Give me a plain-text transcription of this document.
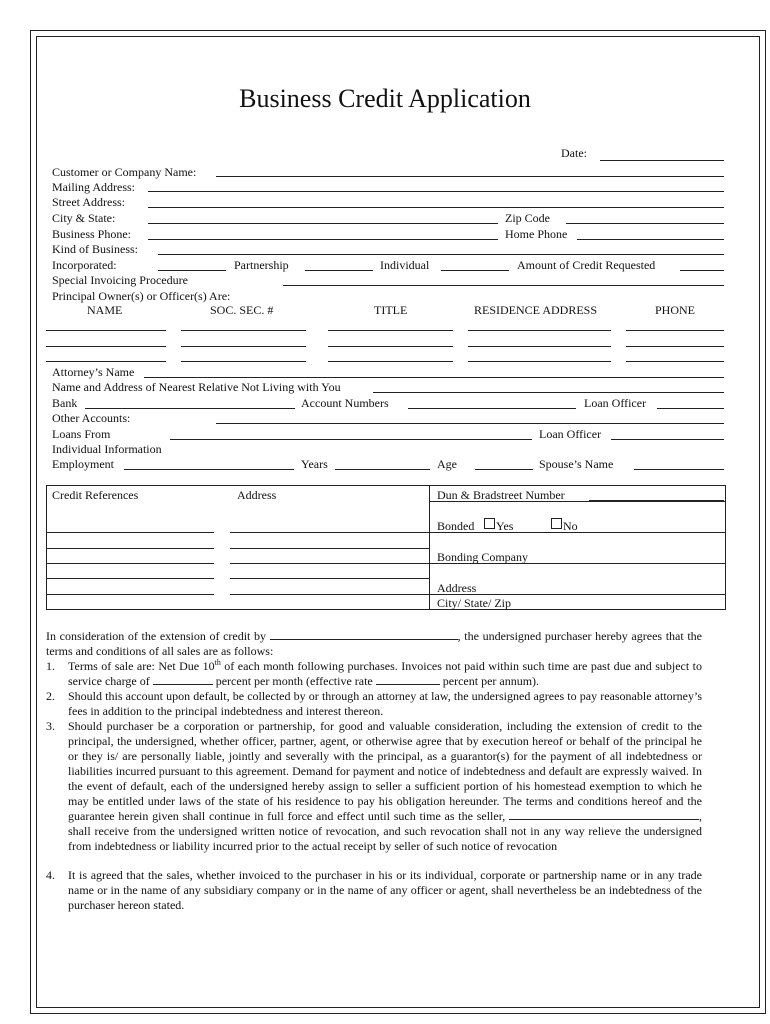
Business Credit Application
Date:
Customer or Company Name:
Mailing Address:
Street Address:
City & State:	Zip Code
Business Phone:	Home Phone
Kind of Business:
Incorporated:	Partnership	Individual	Amount of Credit Requested
Special Invoicing Procedure
Principal Owner(s) or Officer(s) Are:
NAME	SOC. SEC. #	TITLE	RESIDENCE ADDRESS	PHONE
Attorney’s Name
Name and Address of Nearest Relative Not Living with You
Bank	Account Numbers	Loan Officer
Other Accounts:
Loans From	Loan Officer
Individual Information
Employment	Years	Age	Spouse’s Name
Credit References	Address	Dun & Bradstreet Number
Bonded Yes	No
Bonding Company
Address
City/ State/ Zip

In consideration of the extension of credit by	, the undersigned purchaser hereby agrees that the terms and conditions of all sales are as follows:

1. Terms of sale are: Net Due 10th of each month following purchases. Invoices not paid within such time are past due and subject to service charge of	percent per month (effective rate	percent per annum).
2. Should this account upon default, be collected by or through an attorney at law, the undersigned agrees to pay reasonable attorney’s fees in addition to the principal indebtedness and interest thereon.
3. Should purchaser be a corporation or partnership, for good and valuable consideration, including the extension of credit to the principal, the undersigned, whether officer, partner, agent, or otherwise agree that by execution hereof or behalf of the principal he or they is/ are personally liable, jointly and severally with the principal, as a guarantor(s) for the payment of all indebtedness or liabilities incurred pursuant to this agreement. Demand for payment and notice of indebtedness and default are expressly waived. In the event of default, each of the undersigned hereby assign to seller a sufficient portion of his homestead exemption to which he may be entitled under laws of the state of his residence to pay his obligation hereunder. The terms and conditions hereof and the guarantee herein given shall continue in full force and effect until such time as the seller,	, shall receive from the undersigned written notice of revocation, and such revocation shall not in any way relieve the undersigned from indebtedness or liability incurred prior to the actual receipt by seller of such notice of revocation
4. It is agreed that the sales, whether invoiced to the purchaser in his or its individual, corporate or partnership name or in any trade name or in the name of any subsidiary company or in the name of any officer or agent, shall nevertheless be an indebtedness of the purchaser hereon stated.
